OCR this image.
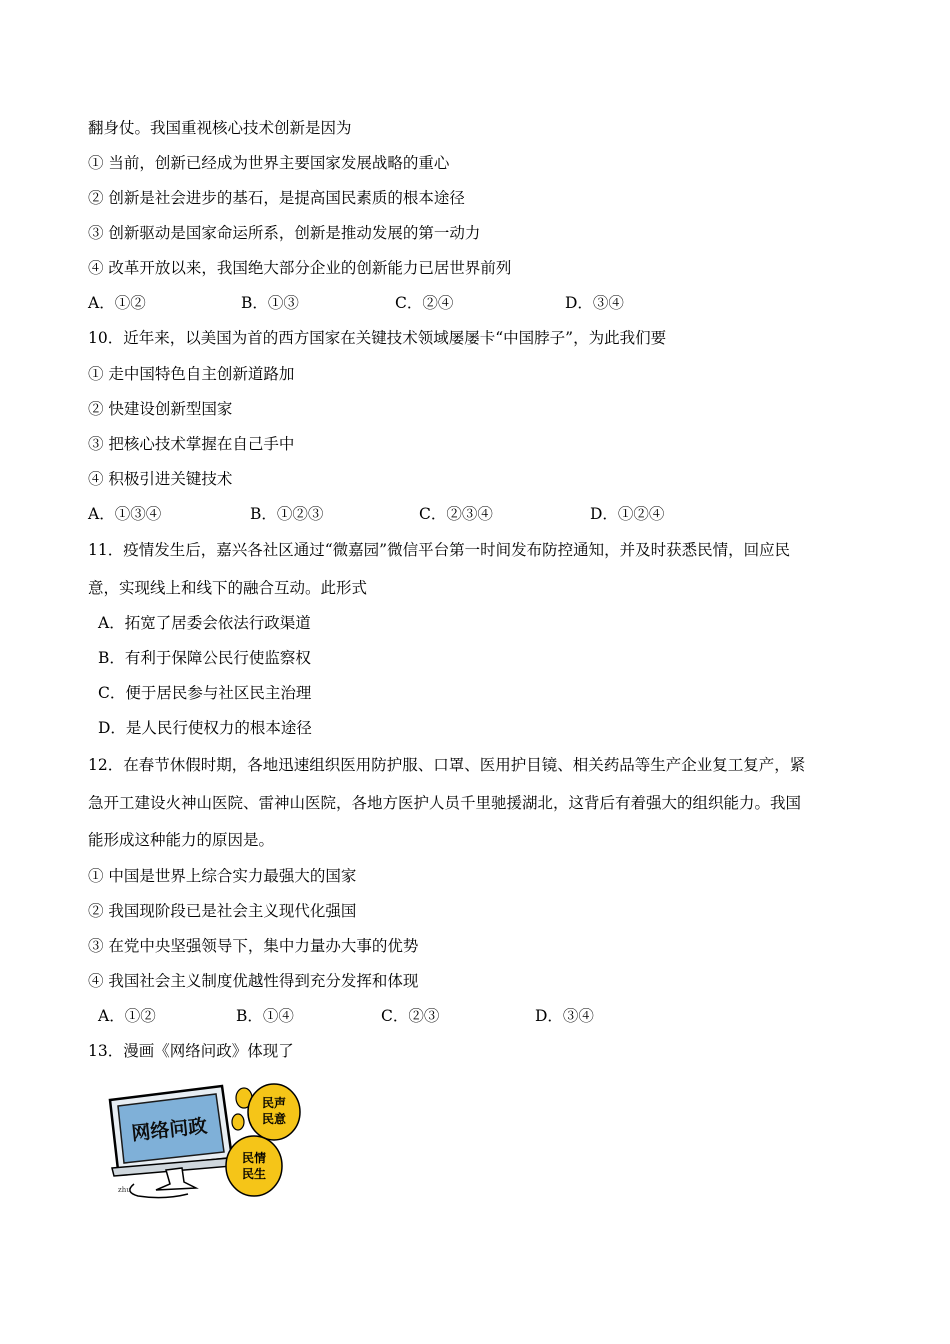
翻身仗。我国重视核心技术创新是因为
① 当前，创新已经成为世界主要国家发展战略的重心
② 创新是社会进步的基石，是提高国民素质的根本途径
③ 创新驱动是国家命运所系，创新是推动发展的第一动力
④ 改革开放以来，我国绝大部分企业的创新能力已居世界前列
A．①②	B．①③	C．②④	D．③④
10．近年来，以美国为首的西方国家在关键技术领域屡屡卡“中国脖子”，为此我们要
① 走中国特色自主创新道路加
② 快建设创新型国家
③ 把核心技术掌握在自己手中
④ 积极引进关键技术
A．①③④	B．①②③	C．②③④	D．①②④
11．疫情发生后，嘉兴各社区通过“微嘉园”微信平台第一时间发布防控通知，并及时获悉民情，回应民
意，实现线上和线下的融合互动。此形式
A．拓宽了居委会依法行政渠道
B．有利于保障公民行使监察权
C．便于居民参与社区民主治理
D．是人民行使权力的根本途径
12．在春节休假时期，各地迅速组织医用防护服、口罩、医用护目镜、相关药品等生产企业复工复产，紧
急开工建设火神山医院、雷神山医院，各地方医护人员千里驰援湖北，这背后有着强大的组织能力。我国
能形成这种能力的原因是。
① 中国是世界上综合实力最强大的国家
② 我国现阶段已是社会主义现代化强国
③ 在党中央坚强领导下，集中力量办大事的优势
④ 我国社会主义制度优越性得到充分发挥和体现
A．①②	B．①④	C．②③	D．③④
13．漫画《网络问政》体现了
网络问政
zhu
民声
民意
民情
民生
